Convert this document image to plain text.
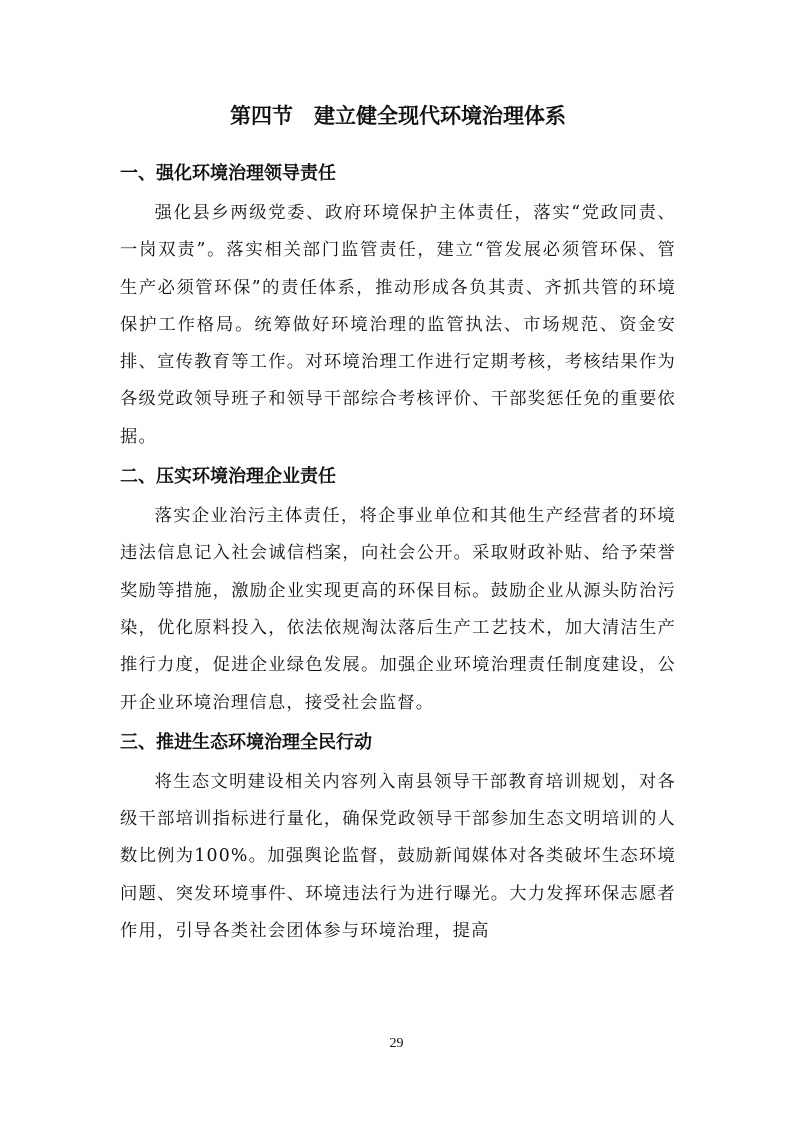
第四节　建立健全现代环境治理体系
一、强化环境治理领导责任

强化县乡两级党委、政府环境保护主体责任，落实“党政同责、一岗双责”。落实相关部门监管责任，建立“管发展必须管环保、管生产必须管环保”的责任体系，推动形成各负其责、齐抓共管的环境保护工作格局。统筹做好环境治理的监管执法、市场规范、资金安排、宣传教育等工作。对环境治理工作进行定期考核，考核结果作为各级党政领导班子和领导干部综合考核评价、干部奖惩任免的重要依据。

二、压实环境治理企业责任

落实企业治污主体责任，将企事业单位和其他生产经营者的环境违法信息记入社会诚信档案，向社会公开。采取财政补贴、给予荣誉奖励等措施，激励企业实现更高的环保目标。鼓励企业从源头防治污染，优化原料投入，依法依规淘汰落后生产工艺技术，加大清洁生产推行力度，促进企业绿色发展。加强企业环境治理责任制度建设，公开企业环境治理信息，接受社会监督。

三、推进生态环境治理全民行动

将生态文明建设相关内容列入南县领导干部教育培训规划，对各级干部培训指标进行量化，确保党政领导干部参加生态文明培训的人数比例为100%。加强舆论监督，鼓励新闻媒体对各类破坏生态环境问题、突发环境事件、环境违法行为进行曝光。大力发挥环保志愿者作用，引导各类社会团体参与环境治理，提高

29
